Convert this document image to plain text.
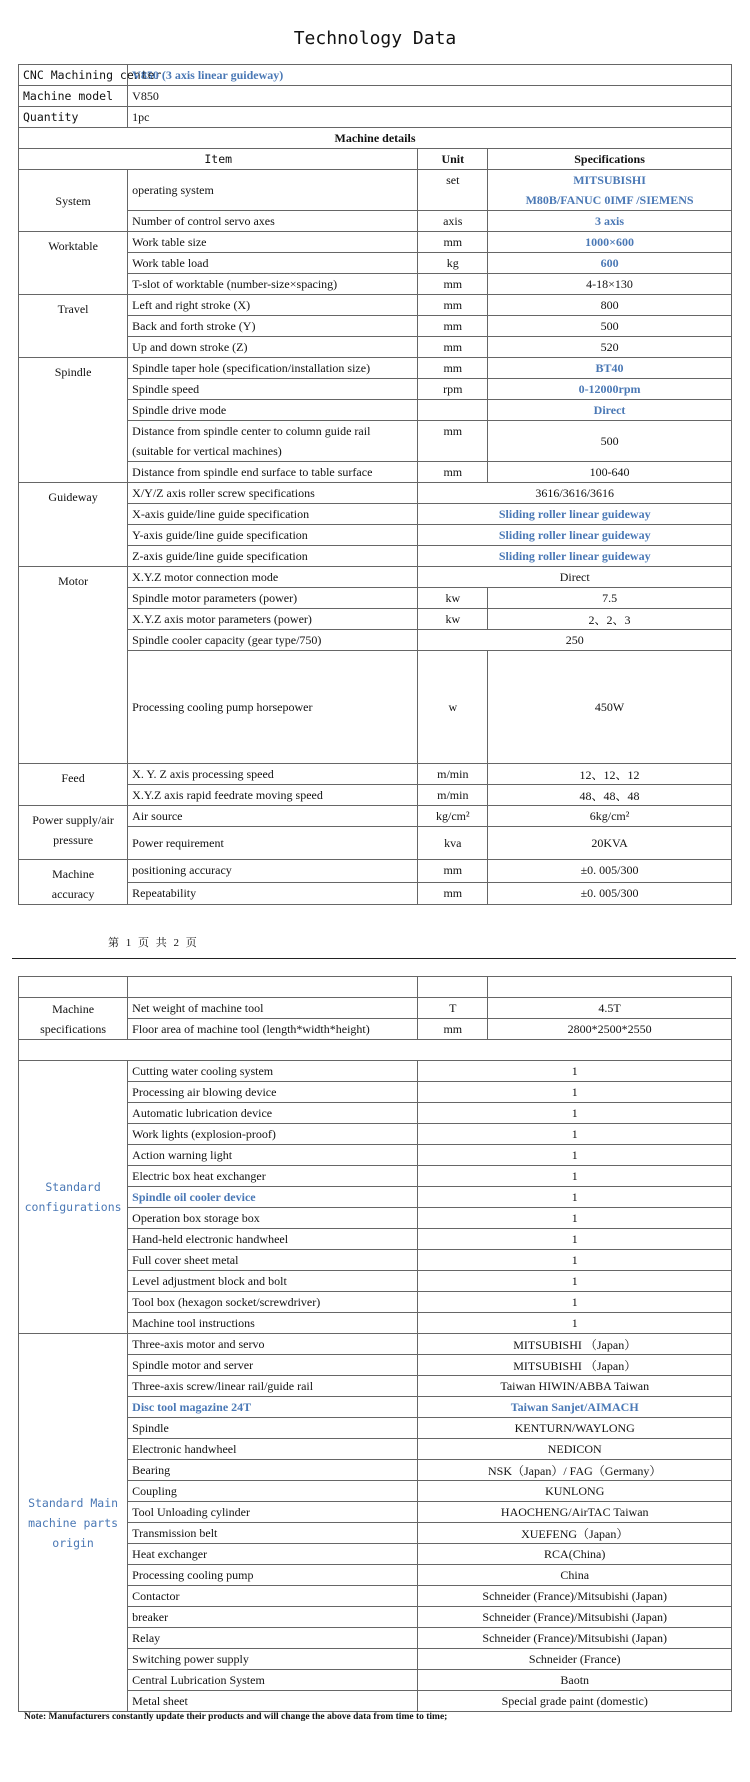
Technology Data
CNC Machining center	V850 (3 axis linear guideway)		
Machine model	V850		
Quantity	1pc		
Machine details			
Item		Unit	Specifications
System	operating system	set	MITSUBISHI
M80B/FANUC 0IMF /SIEMENS
	Number of control servo axes	axis	3 axis
Worktable	Work table size	mm	1000×600
	Work table load	kg	600
	T-slot of worktable (number-size×spacing)	mm	4-18×130
Travel	Left and right stroke (X)	mm	800
	Back and forth stroke (Y)	mm	500
	Up and down stroke (Z)	mm	520
Spindle	Spindle taper hole (specification/installation size)	mm	BT40
	Spindle speed	rpm	0-12000rpm
	Spindle drive mode		Direct
	Distance from spindle center to column guide rail
(suitable for vertical machines)	mm	500
	Distance from spindle end surface to table surface	mm	100-640
Guideway	X/Y/Z axis roller screw specifications	3616/3616/3616	
	X-axis guide/line guide specification	Sliding roller linear guideway	
	Y-axis guide/line guide specification	Sliding roller linear guideway	
	Z-axis guide/line guide specification	Sliding roller linear guideway	
Motor	X.Y.Z motor connection mode	Direct	
	Spindle motor parameters (power)	kw	7.5
	X.Y.Z axis motor parameters (power)	kw	2、2、3
	Spindle cooler capacity (gear type/750)	250	
	Processing cooling pump horsepower	w	450W
Feed	X. Y. Z axis processing speed	m/min	12、12、12
	X.Y.Z axis rapid feedrate moving speed	m/min	48、48、48
Power supply/air
pressure	Air source	kg/cm²	6kg/cm²
	Power requirement	kva	20KVA
Machine
accuracy	positioning accuracy	mm	±0. 005/300
	Repeatability	mm	±0. 005/300
第 1 页 共 2 页

Machine
specifications	Net weight of machine tool	T	4.5T
	Floor area of machine tool (length*width*height)	mm	2800*2500*2550

Standard
configurations	Cutting water cooling system	1	
	Processing air blowing device	1	
	Automatic lubrication device	1	
	Work lights (explosion-proof)	1	
	Action warning light	1	
	Electric box heat exchanger	1	
	Spindle oil cooler device	1	
	Operation box storage box	1	
	Hand-held electronic handwheel	1	
	Full cover sheet metal	1	
	Level adjustment block and bolt	1	
	Tool box (hexagon socket/screwdriver)	1	
	Machine tool instructions	1	
Standard Main
machine parts
origin	Three-axis motor and servo	MITSUBISHI （Japan）	
	Spindle motor and server	MITSUBISHI （Japan）	
	Three-axis screw/linear rail/guide rail	Taiwan HIWIN/ABBA Taiwan	
	Disc tool magazine 24T	Taiwan Sanjet/AIMACH	
	Spindle	KENTURN/WAYLONG	
	Electronic handwheel	NEDICON	
	Bearing	NSK（Japan）/ FAG（Germany）	
	Coupling	KUNLONG	
	Tool Unloading cylinder	HAOCHENG/AirTAC Taiwan	
	Transmission belt	XUEFENG（Japan）	
	Heat exchanger	RCA(China)	
	Processing cooling pump	China	
	Contactor	Schneider (France)/Mitsubishi (Japan)	
	breaker	Schneider (France)/Mitsubishi (Japan)	
	Relay	Schneider (France)/Mitsubishi (Japan)	
	Switching power supply	Schneider (France)	
	Central Lubrication System	Baotn	
	Metal sheet	Special grade paint (domestic)	
Note: Manufacturers constantly update their products and will change the above data from time to time;
